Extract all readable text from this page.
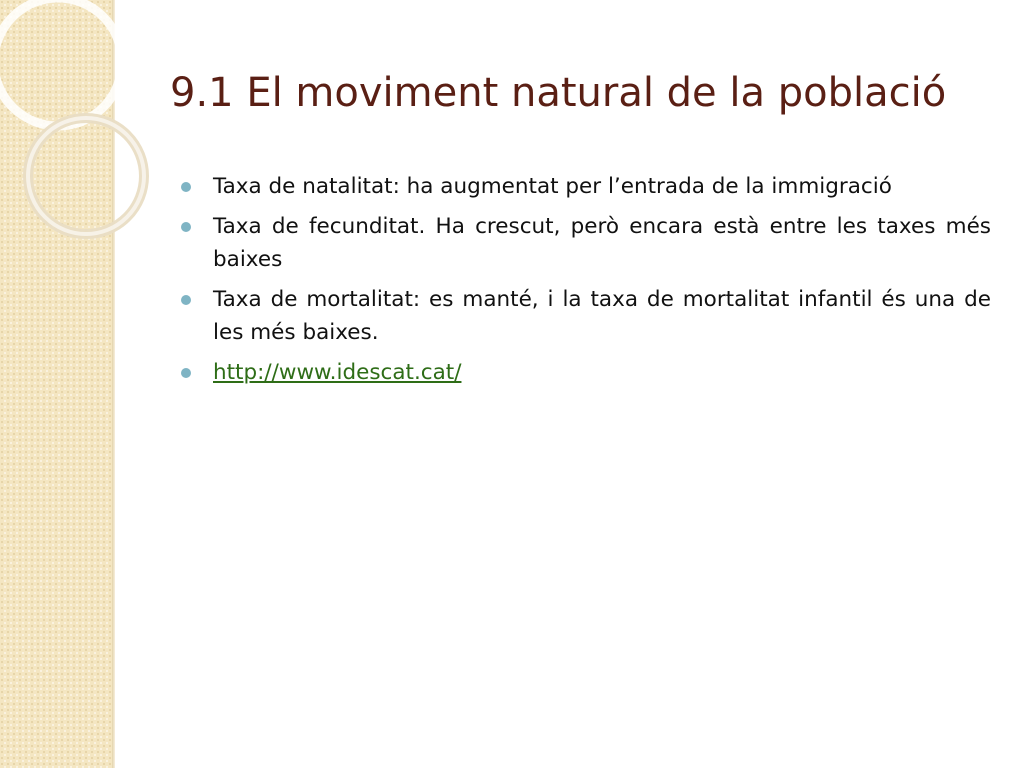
9.1 El moviment natural de la població
Taxa de natalitat: ha augmentat per l’entrada de la immigració
Taxa de fecunditat. Ha crescut, però encara està entre les taxes més baixes
Taxa de mortalitat: es manté, i la taxa de mortalitat infantil és una de les més baixes.
http://www.idescat.cat/
